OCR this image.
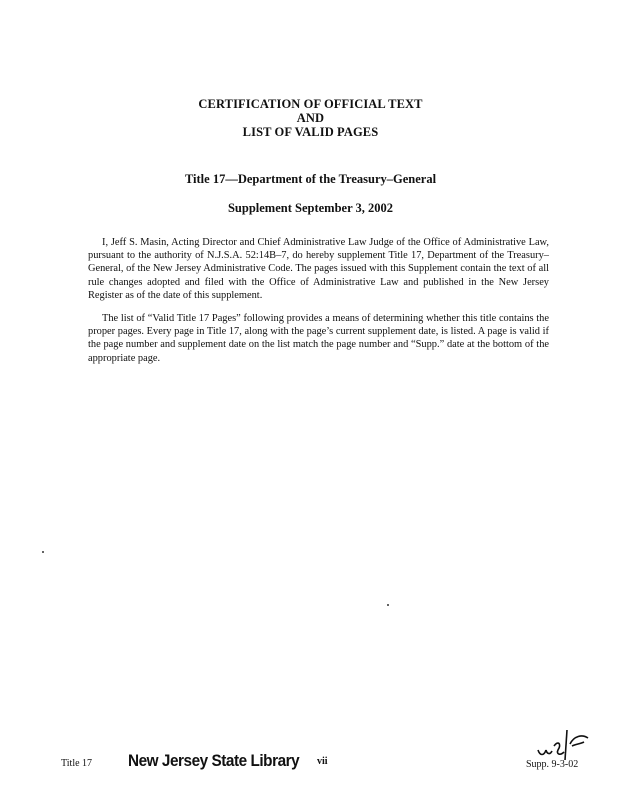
CERTIFICATION OF OFFICIAL TEXT
AND
LIST OF VALID PAGES
Title 17—Department of the Treasury–General
Supplement September 3, 2002

I, Jeff S. Masin, Acting Director and Chief Administrative Law Judge of the Office of Administrative Law, pursuant to the authority of N.J.S.A. 52:14B–7, do hereby supplement Title 17, Department of the Treasury–General, of the New Jersey Administrative Code. The pages issued with this Supplement contain the text of all rule changes adopted and filed with the Office of Administrative Law and published in the New Jersey Register as of the date of this supplement.

The list of “Valid Title 17 Pages” following provides a means of determining whether this title contains the proper pages. Every page in Title 17, along with the page’s current supplement date, is listed. A page is valid if the page number and supplement date on the list match the page number and “Supp.” date at the bottom of the appropriate page.

Title 17 New Jersey State Library vii	Supp. 9-3-02
